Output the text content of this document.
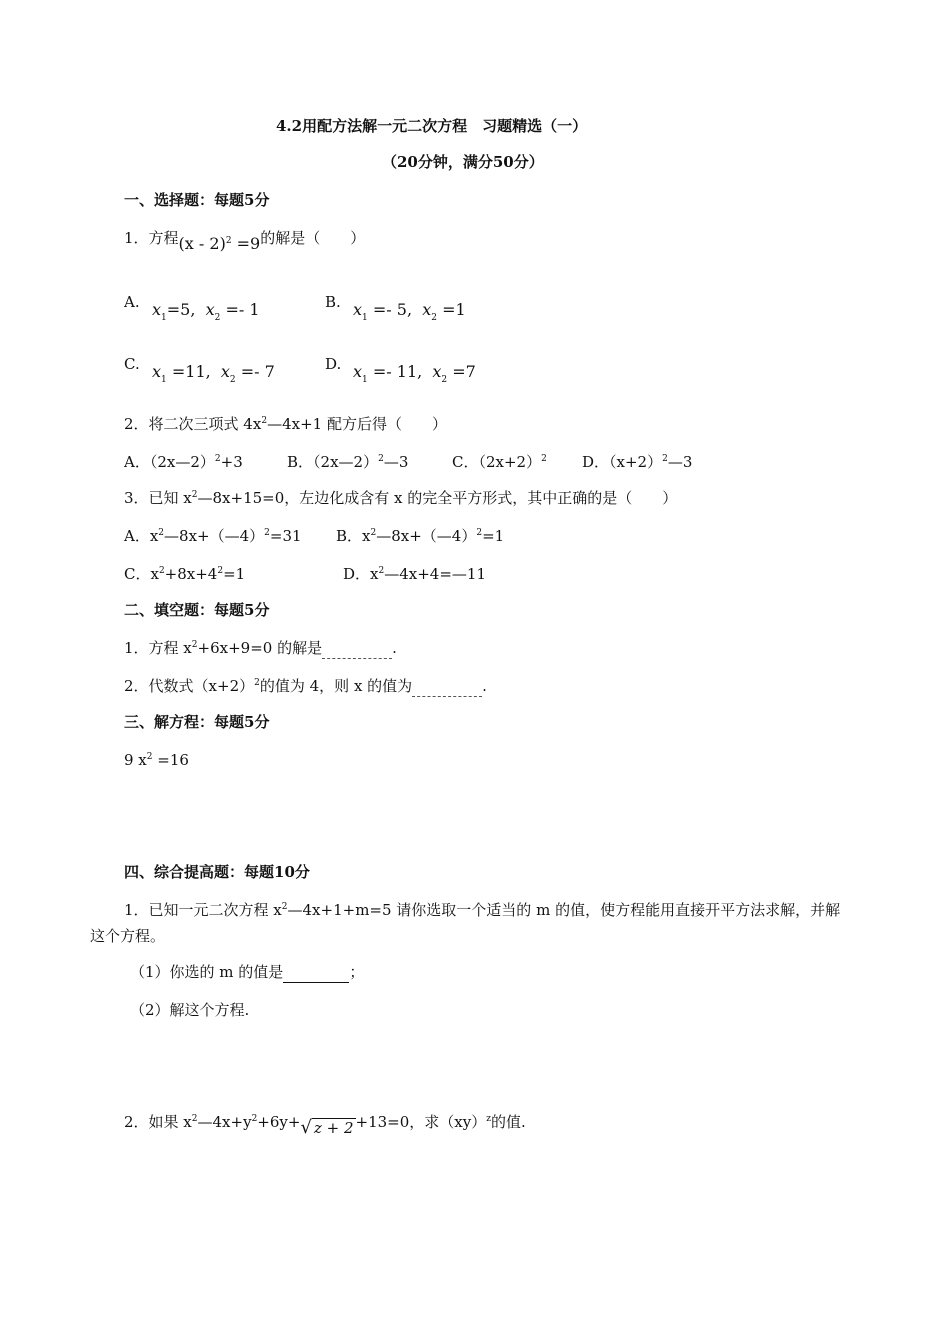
4.2用配方法解一元二次方程　习题精选（一）
（20分钟，满分50分）
一、选择题：每题5分
1．方程(x - 2)$^2$ =9的解是（　　）
A. $x_1=5$, $x_2 =- 1$	B. $x_1 =- 5$, $x_2 =1$
C. $x_1 =11$, $x_2 =- 7$	D. $x_1 =- 11$, $x_2 =7$
2．将二次三项式 $4x^2—4x+1$ 配方后得（　　）
A．（2x—2）$^2$+3	B．（2x—2）$^2$—3	C．$(2x+2)^2$ D．$(x+2)^2—3$
3．已知 $x^2—8x+15=0$，左边化成含有 x 的完全平方形式，其中正确的是（　　）
A．$x^2—8x+(—4)^2=31$ B．$x^2—8x+(—4)^2=1$
C．$x^2+8x+4^2=1$	D．$x^2—4x+4=—11$
二、填空题：每题5分
1．方程 $x^2+6x+9=0$ 的解是	.
2．代数式$(x+2)^2$的值为 4，则 x 的值为	.
三、解方程：每题5分
9 $x^2 =16$
四、综合提高题：每题10分
1．已知一元二次方程 $x^2—4x+1+m=5$ 请你选取一个适当的 m 的值，使方程能用直接开平方法求解，并解
这个方程。
（1）你选的 m 的值是	；
（2）解这个方程.
2．如果 $x^2—4x+y^2+6y+√$ z + 2 +13=0，求（xy）$^z$的值.
